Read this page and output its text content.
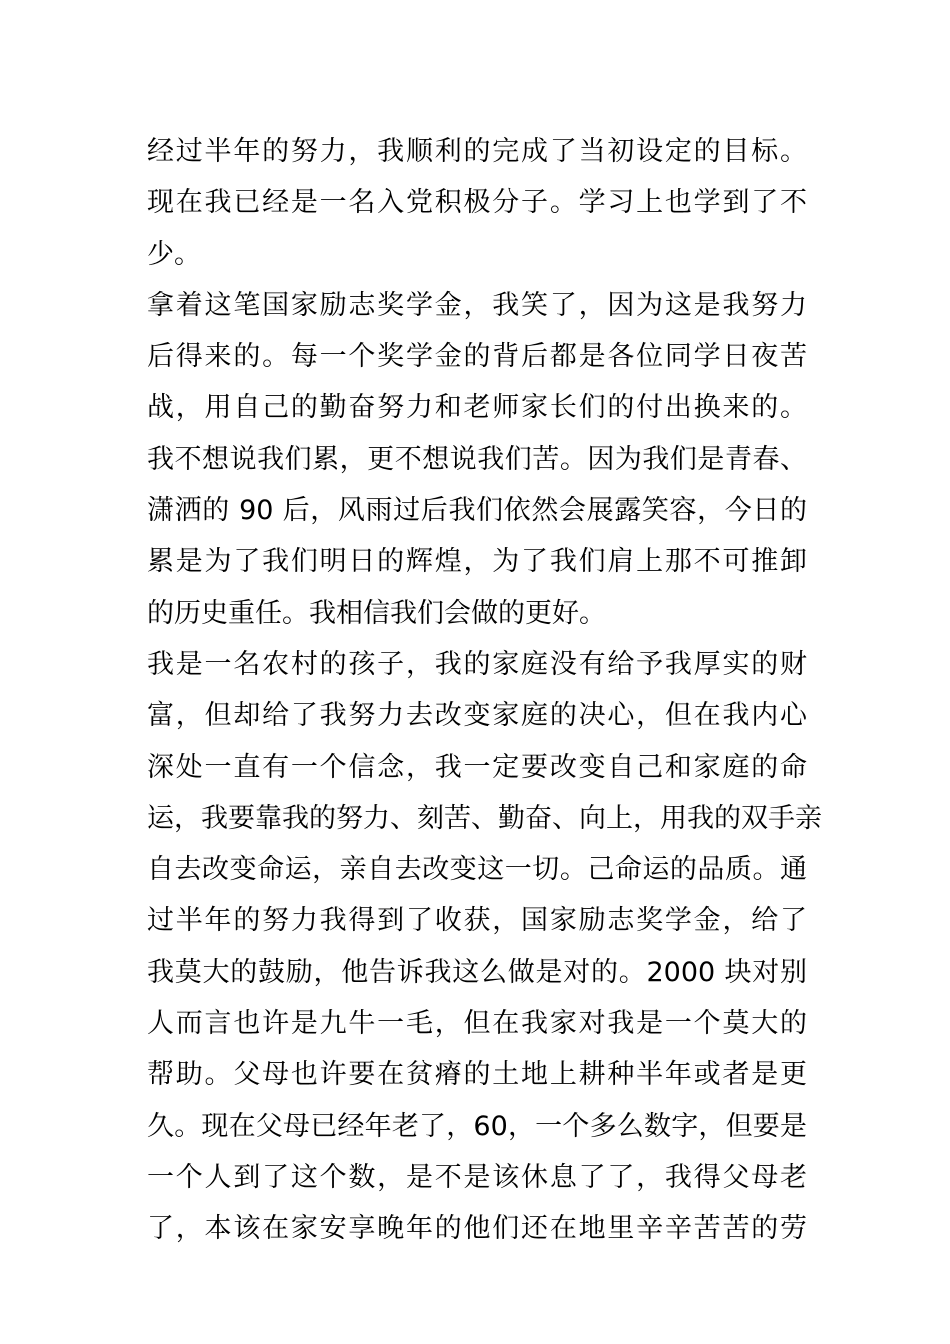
经过半年的努力，我顺利的完成了当初设定的目标。
现在我已经是一名入党积极分子。学习上也学到了不
少。
拿着这笔国家励志奖学金，我笑了，因为这是我努力
后得来的。每一个奖学金的背后都是各位同学日夜苦
战，用自己的勤奋努力和老师家长们的付出换来的。
我不想说我们累，更不想说我们苦。因为我们是青春、
潇洒的 90 后，风雨过后我们依然会展露笑容，今日的
累是为了我们明日的辉煌，为了我们肩上那不可推卸
的历史重任。我相信我们会做的更好。
我是一名农村的孩子，我的家庭没有给予我厚实的财
富，但却给了我努力去改变家庭的决心，但在我内心
深处一直有一个信念，我一定要改变自己和家庭的命
运，我要靠我的努力、刻苦、勤奋、向上，用我的双手亲
自去改变命运，亲自去改变这一切。己命运的品质。通
过半年的努力我得到了收获，国家励志奖学金，给了
我莫大的鼓励，他告诉我这么做是对的。2000 块对别
人而言也许是九牛一毛，但在我家对我是一个莫大的
帮助。父母也许要在贫瘠的土地上耕种半年或者是更
久。现在父母已经年老了，60，一个多么数字，但要是
一个人到了这个数，是不是该休息了了，我得父母老
了，本该在家安享晚年的他们还在地里辛辛苦苦的劳
